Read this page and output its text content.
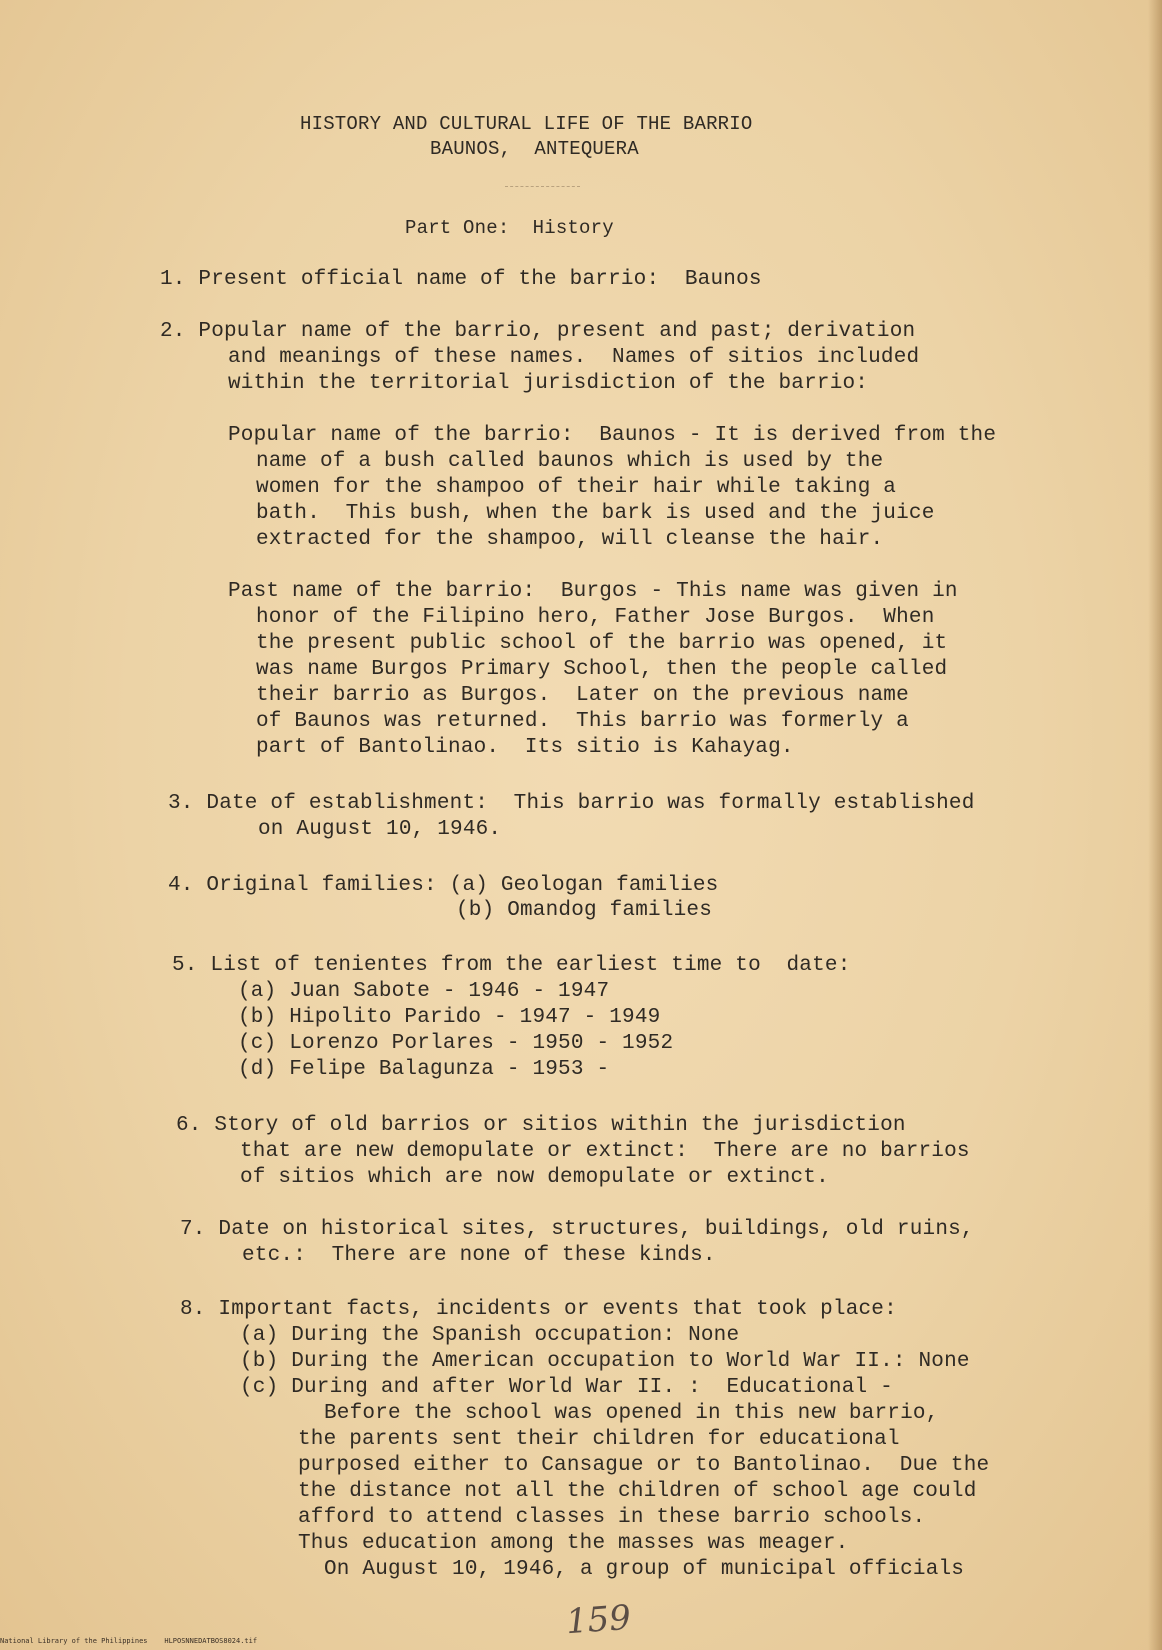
HISTORY AND CULTURAL LIFE OF THE BARRIO
BAUNOS,  ANTEQUERA
Part One:  History
1. Present official name of the barrio:  Baunos
2. Popular name of the barrio, present and past; derivation
and meanings of these names.  Names of sitios included
within the territorial jurisdiction of the barrio:
Popular name of the barrio:  Baunos - It is derived from the
name of a bush called baunos which is used by the
women for the shampoo of their hair while taking a
bath.  This bush, when the bark is used and the juice
extracted for the shampoo, will cleanse the hair.
Past name of the barrio:  Burgos - This name was given in
honor of the Filipino hero, Father Jose Burgos.  When
the present public school of the barrio was opened, it
was name Burgos Primary School, then the people called
their barrio as Burgos.  Later on the previous name
of Baunos was returned.  This barrio was formerly a
part of Bantolinao.  Its sitio is Kahayag.
3. Date of establishment:  This barrio was formally established
on August 10, 1946.
4. Original families: (a) Geologan families
(b) Omandog families
5. List of tenientes from the earliest time to  date:
(a) Juan Sabote - 1946 - 1947
(b) Hipolito Parido - 1947 - 1949
(c) Lorenzo Porlares - 1950 - 1952
(d) Felipe Balagunza - 1953 -
6. Story of old barrios or sitios within the jurisdiction
that are new demopulate or extinct:  There are no barrios
of sitios which are now demopulate or extinct.
7. Date on historical sites, structures, buildings, old ruins,
etc.:  There are none of these kinds.
8. Important facts, incidents or events that took place:
(a) During the Spanish occupation: None
(b) During the American occupation to World War II.: None
(c) During and after World War II. :  Educational -
Before the school was opened in this new barrio,
the parents sent their children for educational
purposed either to Cansague or to Bantolinao.  Due the
the distance not all the children of school age could
afford to attend classes in these barrio schools.
Thus education among the masses was meager.
On August 10, 1946, a group of municipal officials
159
National Library of the Philippines    HLPOSNNEDATBOS8024.tif
